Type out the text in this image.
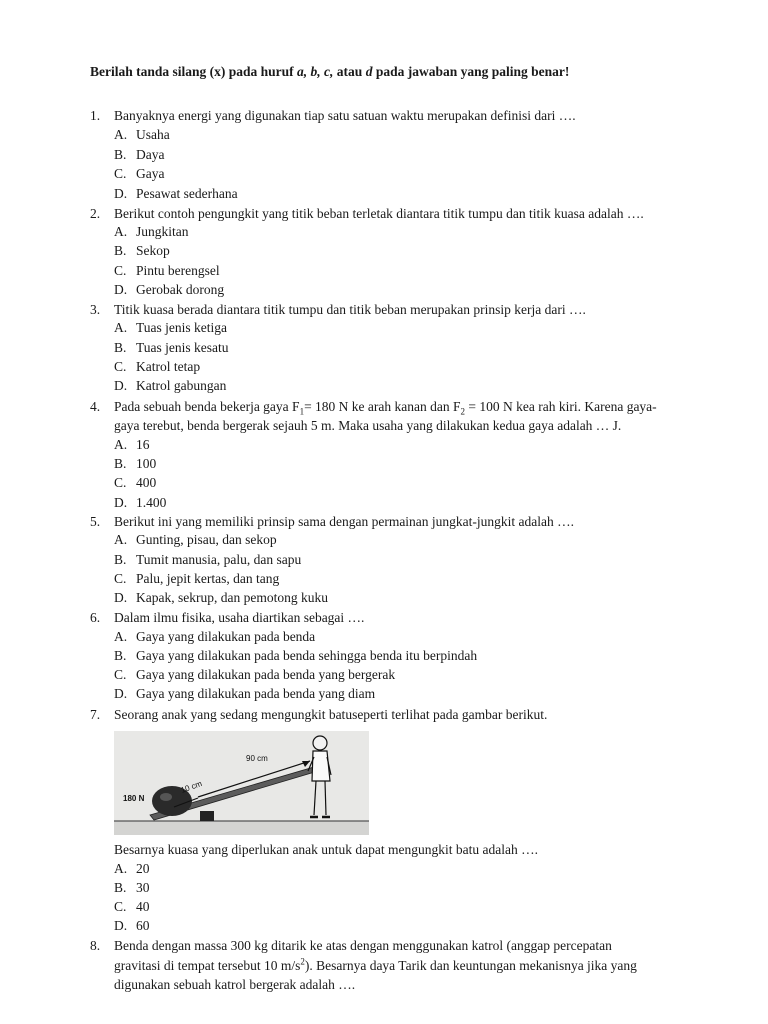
Berilah tanda silang (x) pada huruf a, b, c, atau d pada jawaban yang paling benar!
1. Banyaknya energi yang digunakan tiap satu satuan waktu merupakan definisi dari ….
A. Usaha
B. Daya
C. Gaya
D. Pesawat sederhana
2. Berikut contoh pengungkit yang titik beban terletak diantara titik tumpu dan titik kuasa adalah ….
A. Jungkitan
B. Sekop
C. Pintu berengsel
D. Gerobak dorong
3. Titik kuasa berada diantara titik tumpu dan titik beban merupakan prinsip kerja dari ….
A. Tuas jenis ketiga
B. Tuas jenis kesatu
C. Katrol tetap
D. Katrol gabungan
4. Pada sebuah benda bekerja gaya $F_1= 180$ N ke arah kanan dan $F_2 = 100$ N kea rah kiri. Karena gaya-
gaya terebut, benda bergerak sejauh 5 m. Maka usaha yang dilakukan kedua gaya adalah … J.
A. 16
B. 100
C. 400
D. 1.400
5. Berikut ini yang memiliki prinsip sama dengan permainan jungkat-jungkit adalah ….
A. Gunting, pisau, dan sekop
B. Tumit manusia, palu, dan sapu
C. Palu, jepit kertas, dan tang
D. Kapak, sekrup, dan pemotong kuku
6. Dalam ilmu fisika, usaha diartikan sebagai ….
A. Gaya yang dilakukan pada benda
B. Gaya yang dilakukan pada benda sehingga benda itu berpindah
C. Gaya yang dilakukan pada benda yang bergerak
D. Gaya yang dilakukan pada benda yang diam
7. Seorang anak yang sedang mengungkit batuseperti terlihat pada gambar berikut.
90 cm
10 cm
180 N
Besarnya kuasa yang diperlukan anak untuk dapat mengungkit batu adalah ….
A. 20
B. 30
C. 40
D. 60
8. Benda dengan massa 300 kg ditarik ke atas dengan menggunakan katrol (anggap percepatan
gravitasi di tempat tersebut 10 $m/s^2$). Besarnya daya Tarik dan keuntungan mekanisnya jika yang
digunakan sebuah katrol bergerak adalah ….
